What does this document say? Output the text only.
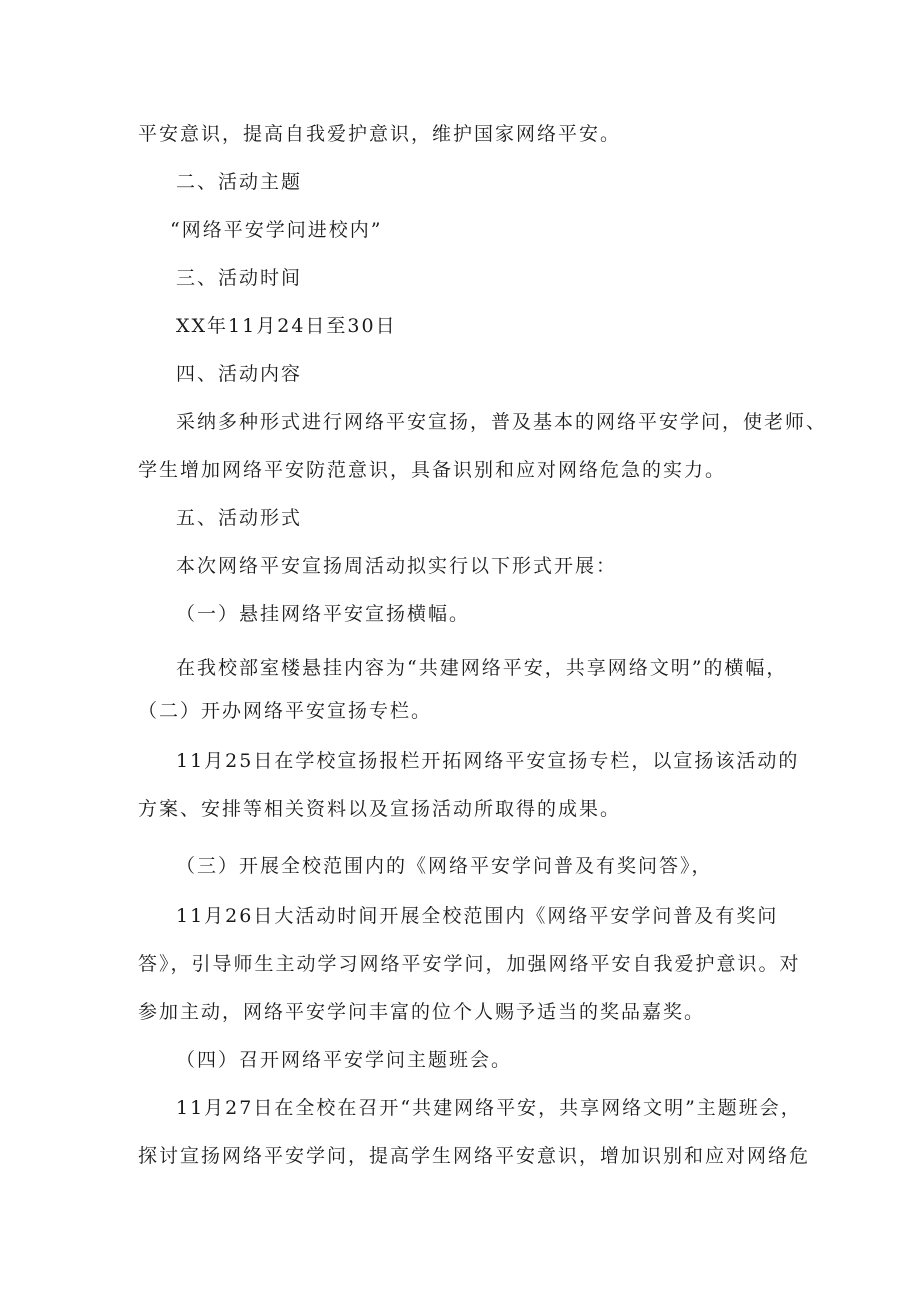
平安意识，提高自我爱护意识，维护国家网络平安。
二、活动主题
“网络平安学问进校内”
三、活动时间
XX年11月24日至30日
四、活动内容
采纳多种形式进行网络平安宣扬，普及基本的网络平安学问，使老师、
学生增加网络平安防范意识，具备识别和应对网络危急的实力。
五、活动形式
本次网络平安宣扬周活动拟实行以下形式开展：
（一）悬挂网络平安宣扬横幅。
在我校部室楼悬挂内容为“共建网络平安，共享网络文明”的横幅，
（二）开办网络平安宣扬专栏。
11月25日在学校宣扬报栏开拓网络平安宣扬专栏，以宣扬该活动的
方案、安排等相关资料以及宣扬活动所取得的成果。
（三）开展全校范围内的《网络平安学问普及有奖问答》，
11月26日大活动时间开展全校范围内《网络平安学问普及有奖问
答》，引导师生主动学习网络平安学问，加强网络平安自我爱护意识。对
参加主动，网络平安学问丰富的位个人赐予适当的奖品嘉奖。
（四）召开网络平安学问主题班会。
11月27日在全校在召开“共建网络平安，共享网络文明”主题班会，
探讨宣扬网络平安学问，提高学生网络平安意识，增加识别和应对网络危
